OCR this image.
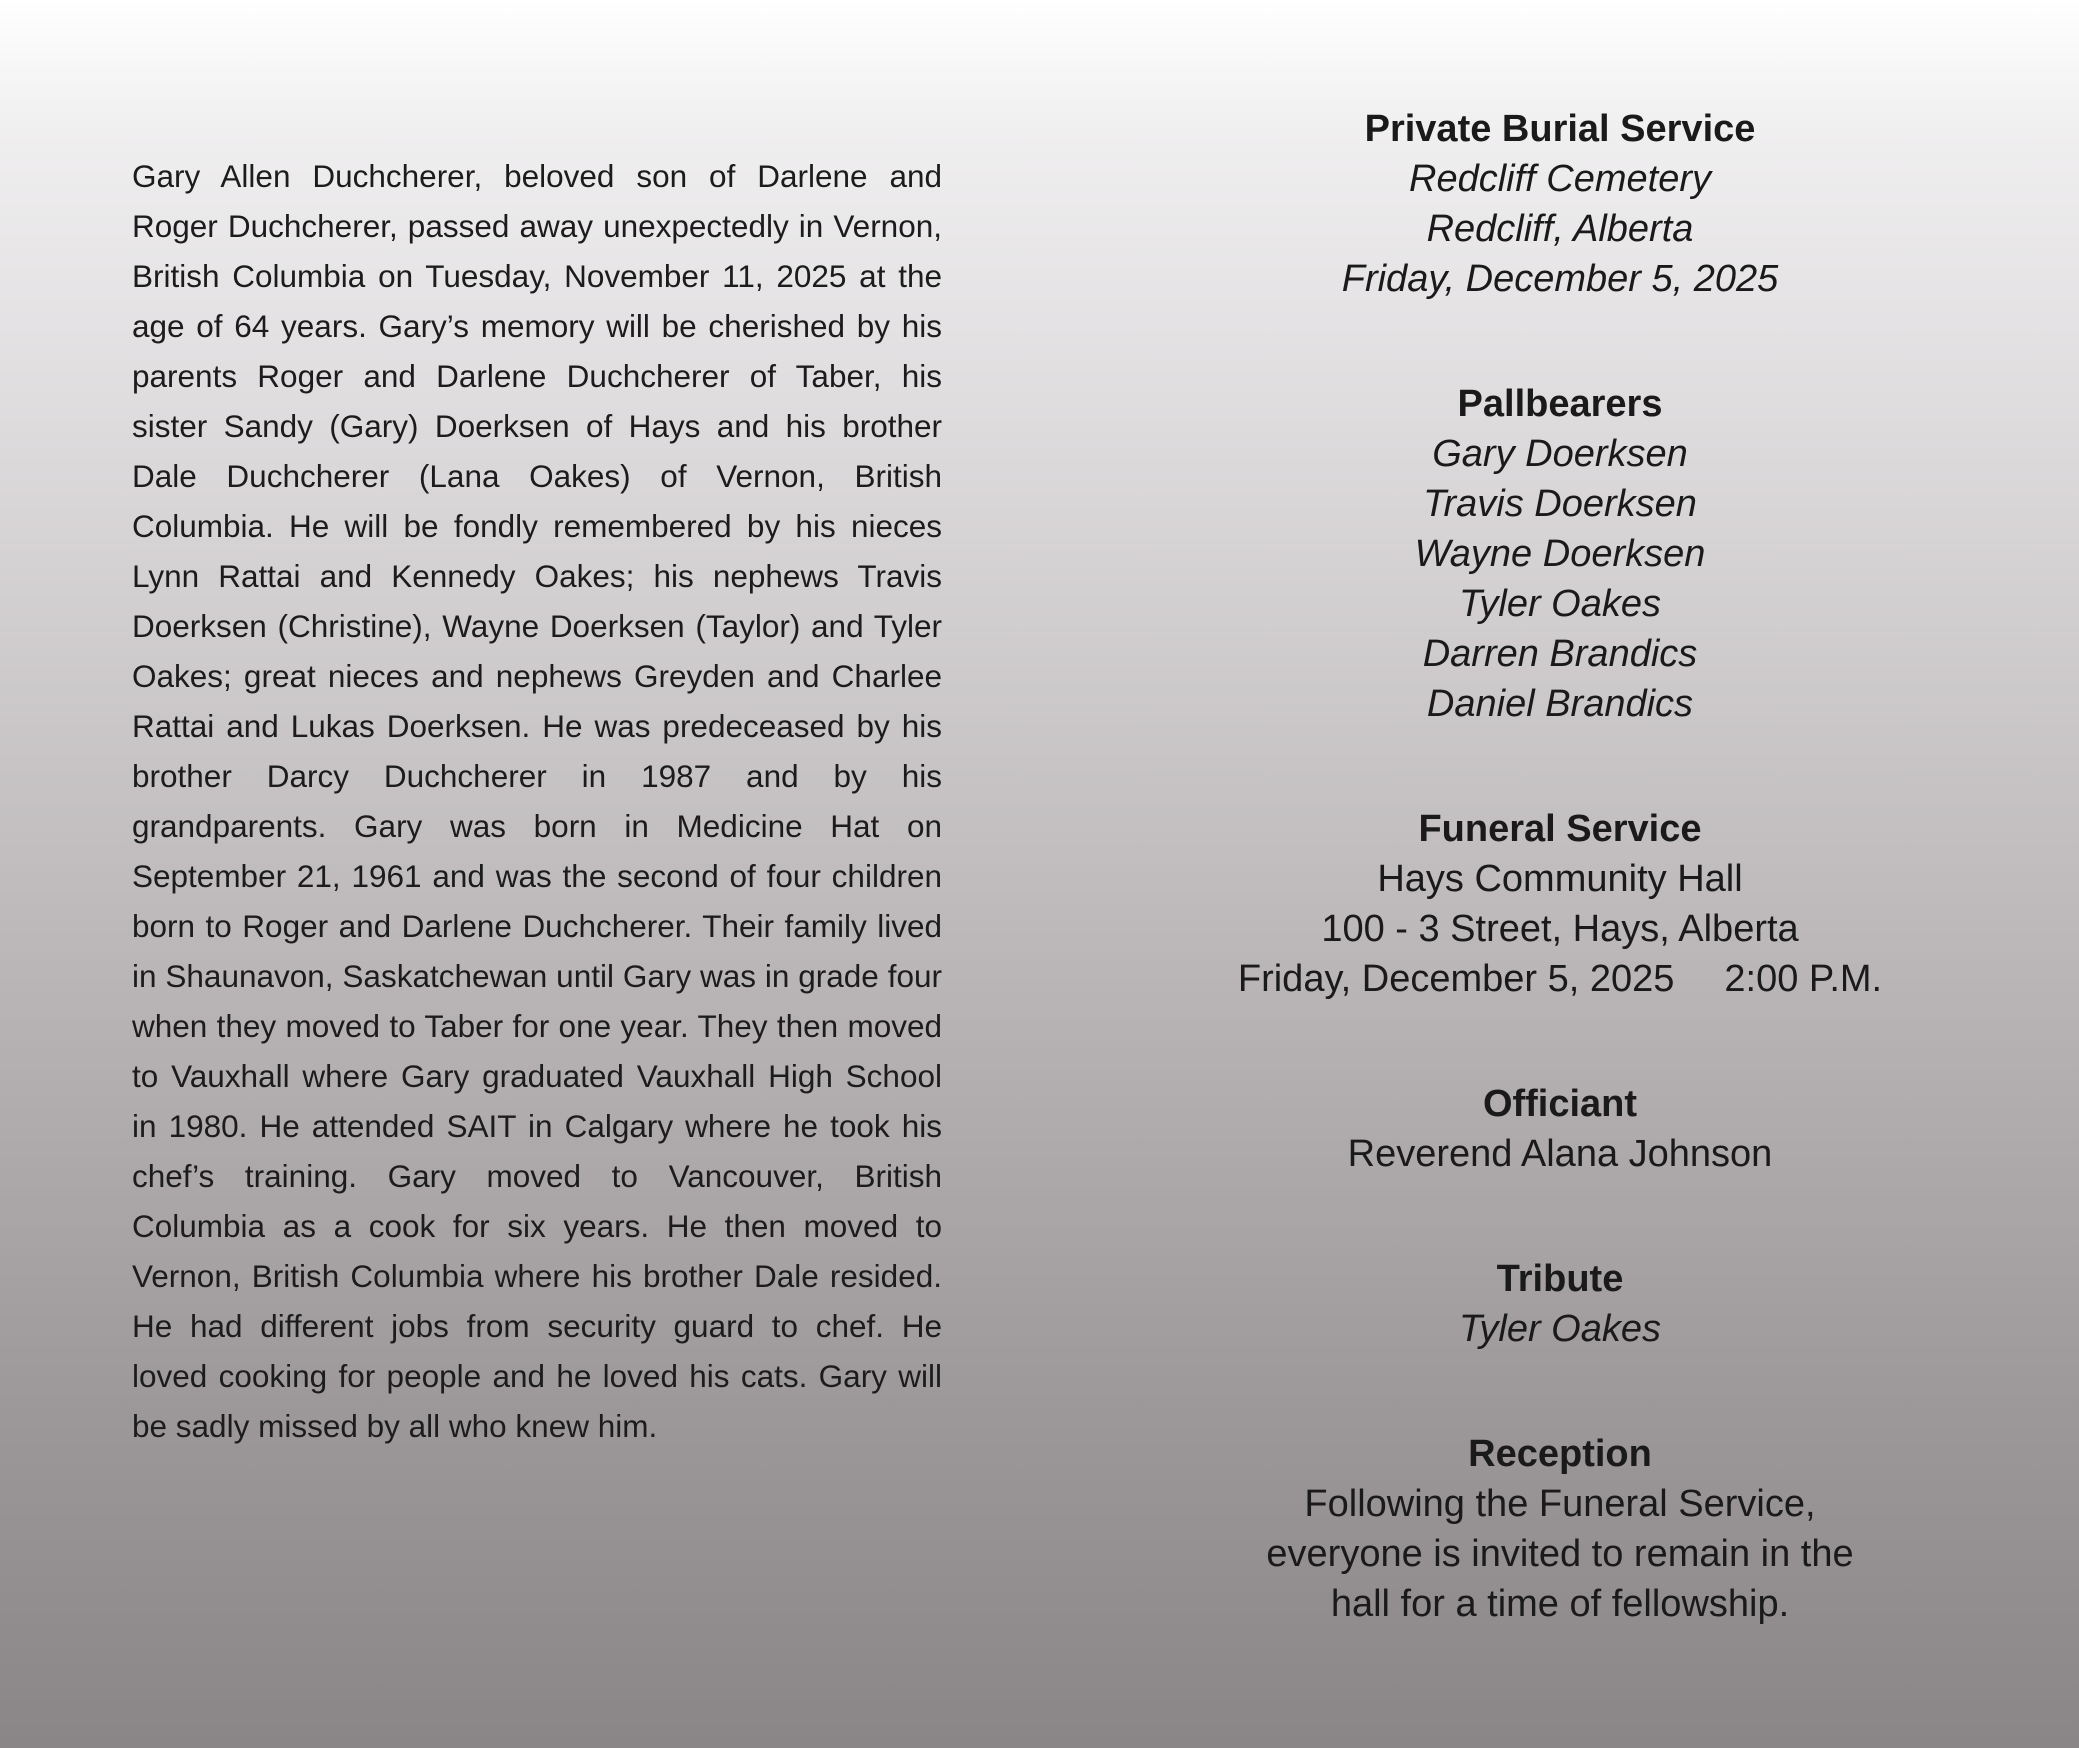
Gary Allen Duchcherer, beloved son of Darlene and Roger Duchcherer, passed away unexpectedly in Vernon, British Columbia on Tuesday, November 11, 2025 at the age of 64 years. Gary’s memory will be cherished by his parents Roger and Darlene Duchcherer of Taber, his sister Sandy (Gary) Doerksen of Hays and his brother Dale Duchcherer (Lana Oakes) of Vernon, British Columbia. He will be fondly remembered by his nieces Lynn Rattai and Kennedy Oakes; his nephews Travis Doerksen (Christine), Wayne Doerksen (Taylor) and Tyler Oakes; great nieces and nephews Greyden and Charlee Rattai and Lukas Doerksen. He was predeceased by his brother Darcy Duchcherer in 1987 and by his grandparents. Gary was born in Medicine Hat on September 21, 1961 and was the second of four children born to Roger and Darlene Duchcherer. Their family lived in Shaunavon, Saskatchewan until Gary was in grade four when they moved to Taber for one year. They then moved to Vauxhall where Gary graduated Vauxhall High School in 1980. He attended SAIT in Calgary where he took his chef’s training. Gary moved to Vancouver, British Columbia as a cook for six years. He then moved to Vernon, British Columbia where his brother Dale resided. He had different jobs from security guard to chef. He loved cooking for people and he loved his cats. Gary will be sadly missed by all who knew him.

Private Burial Service
Redcliff Cemetery
Redcliff, Alberta
Friday, December 5, 2025
Pallbearers
Gary Doerksen
Travis Doerksen
Wayne Doerksen
Tyler Oakes
Darren Brandics
Daniel Brandics
Funeral Service
Hays Community Hall
100 - 3 Street, Hays, Alberta
Friday, December 5, 2025 2:00 P.M.
Officiant
Reverend Alana Johnson
Tribute
Tyler Oakes
Reception
Following the Funeral Service,
everyone is invited to remain in the
hall for a time of fellowship.
